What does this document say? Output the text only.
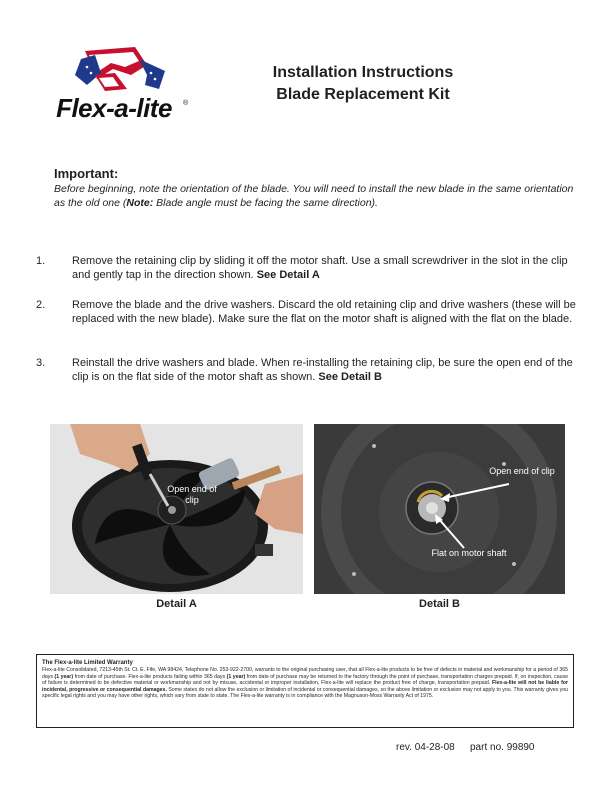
Flex-a-lite	®
Installation Instructions
Blade Replacement Kit
Important:
Before beginning, note the orientation of the blade. You will need to install the new blade in the same orientation as the old one (Note: Blade angle must be facing the same direction).
1. Remove the retaining clip by sliding it off the motor shaft. Use a small screwdriver in the slot in the clip and gently tap in the direction shown. See Detail A
2. Remove the blade and the drive washers. Discard the old retaining clip and drive washers (these will be replaced with the new blade). Make sure the flat on the motor shaft is aligned with the flat on the blade.
3. Reinstall the drive washers and blade. When re-installing the retaining clip, be sure the open end of the clip is on the flat side of the motor shaft as shown. See Detail B
Open end of clip
Detail A
Open end of clip
Flat on motor shaft
Detail B
The Flex-a-lite Limited Warranty
Flex-a-lite Consolidated, 7213-45th St. Ct. E. Fife, WA 98424, Telephone No. 253-922-2700, warrants to the original purchasing user, that all Flex-a-lite products to be free of defects in material and workmanship for a period of 365 days (1 year) from date of purchase. Flex-a-lite products failing within 365 days (1 year) from date of purchase may be returned to the factory through the point of purchase, transportation charges prepaid. If, on inspection, cause of failure is determined to be defective material or workmanship and not by misuse, accidental or improper installation, Flex-a-lite will replace the product free of charge, transportation prepaid. Flex-a-lite will not be liable for incidental, progressive or consequential damages. Some states do not allow the exclusion or limitation of incidental or consequential damages, so the above limitation or exclusion may not apply to you. This warranty gives you specific legal rights and you may have other rights, which vary from state to state. The Flex-a-lite warranty is in compliance with the Magnuson-Moss Warranty Act of 1975.
rev. 04-28-08 part no. 99890
